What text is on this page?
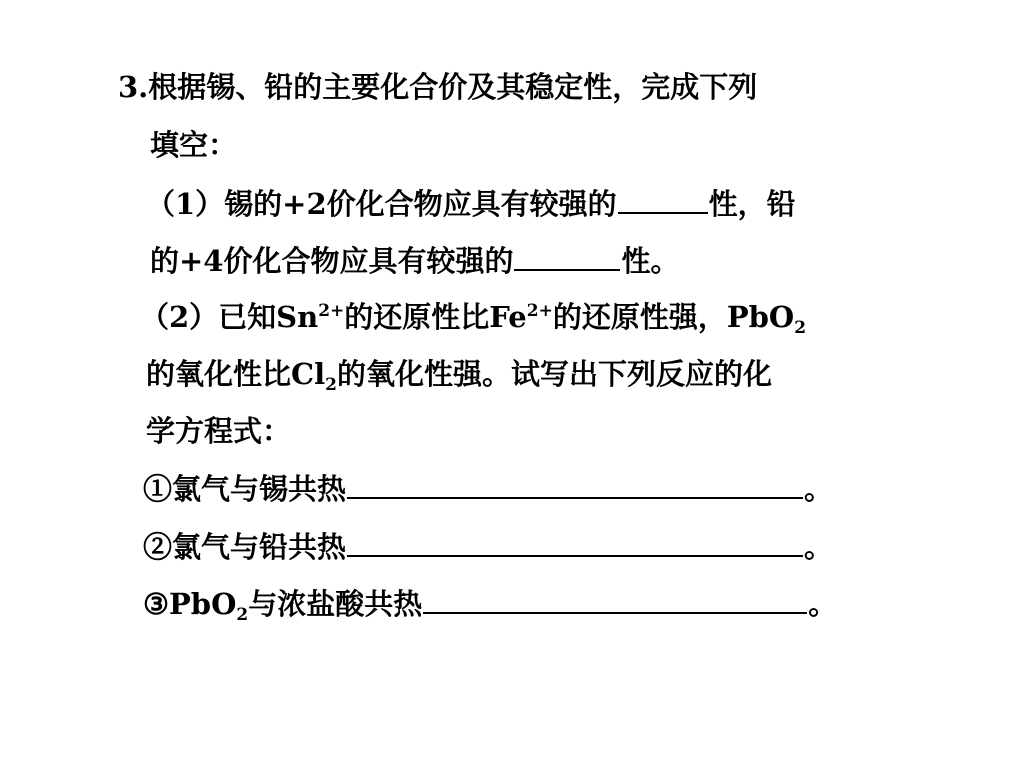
3.根据锡、铅的主要化合价及其稳定性，完成下列
填空：
（1）锡的+2价化合物应具有较强的	性，铅
的+4价化合物应具有较强的	性。
（2）已知$Sn^{2+}$的还原性比$Fe^{2+}$的还原性强，PbO$_2$
的氧化性比$Cl_2$的氧化性强。试写出下列反应的化
学方程式：
①氯气与锡共热	。
②氯气与铅共热	。
③PbO$_2$与浓盐酸共热	。
